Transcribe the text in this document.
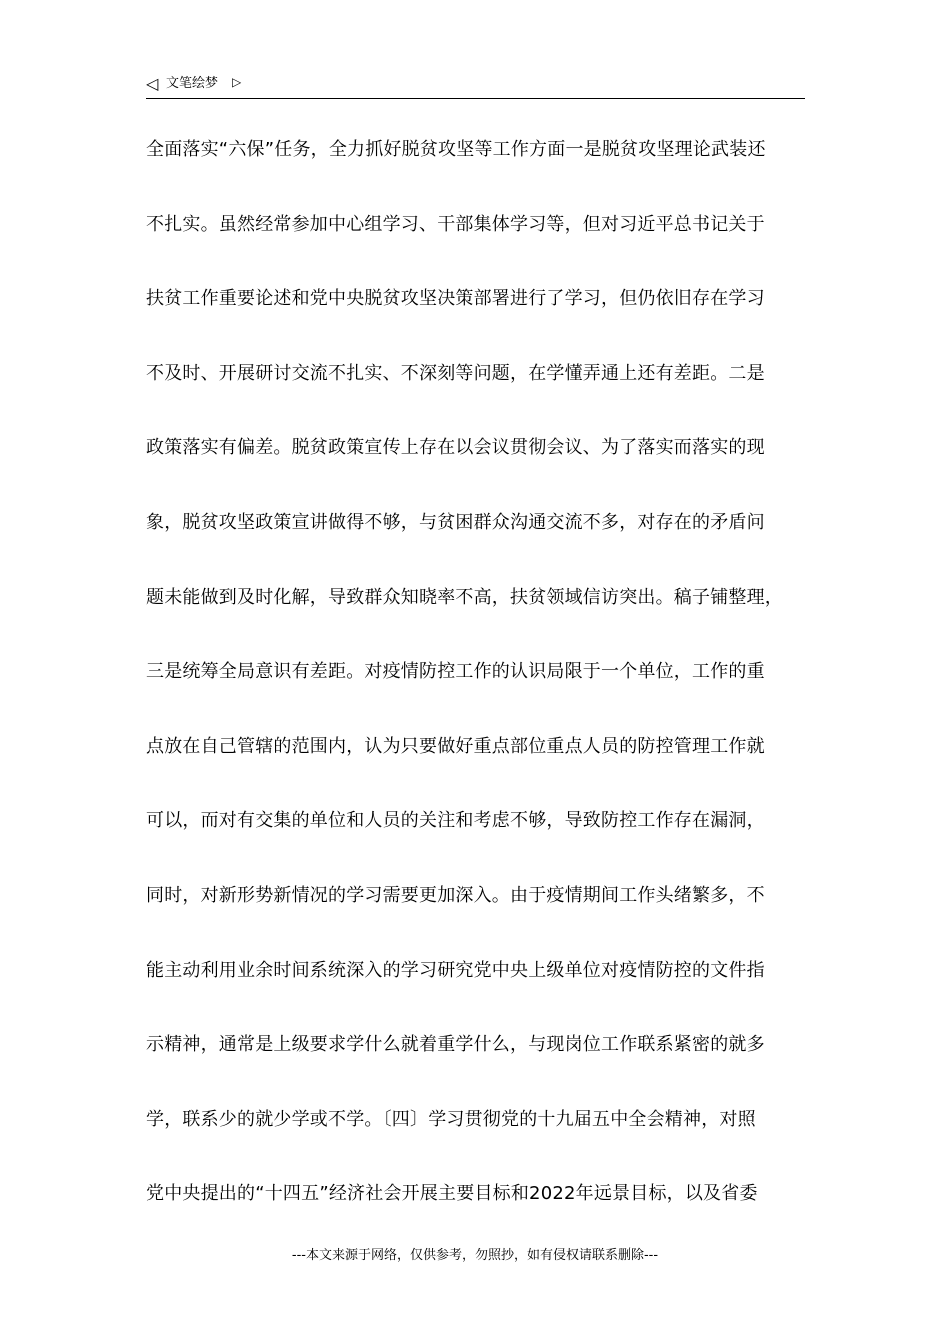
◁ 文笔绘梦 ▷
全面落实“六保”任务，全力抓好脱贫攻坚等工作方面一是脱贫攻坚理论武装还
不扎实。虽然经常参加中心组学习、干部集体学习等，但对习近平总书记关于
扶贫工作重要论述和党中央脱贫攻坚决策部署进行了学习，但仍依旧存在学习
不及时、开展研讨交流不扎实、不深刻等问题，在学懂弄通上还有差距。二是
政策落实有偏差。脱贫政策宣传上存在以会议贯彻会议、为了落实而落实的现
象，脱贫攻坚政策宣讲做得不够，与贫困群众沟通交流不多，对存在的矛盾问
题未能做到及时化解，导致群众知晓率不高，扶贫领域信访突出。稿子铺整理，
三是统筹全局意识有差距。对疫情防控工作的认识局限于一个单位，工作的重
点放在自己管辖的范围内，认为只要做好重点部位重点人员的防控管理工作就
可以，而对有交集的单位和人员的关注和考虑不够，导致防控工作存在漏洞，
同时，对新形势新情况的学习需要更加深入。由于疫情期间工作头绪繁多，不
能主动利用业余时间系统深入的学习研究党中央上级单位对疫情防控的文件指
示精神，通常是上级要求学什么就着重学什么，与现岗位工作联系紧密的就多
学，联系少的就少学或不学。〔四〕学习贯彻党的十九届五中全会精神，对照
党中央提出的“十四五”经济社会开展主要目标和2022年远景目标，以及省委
---本文来源于网络，仅供参考，勿照抄，如有侵权请联系删除---
